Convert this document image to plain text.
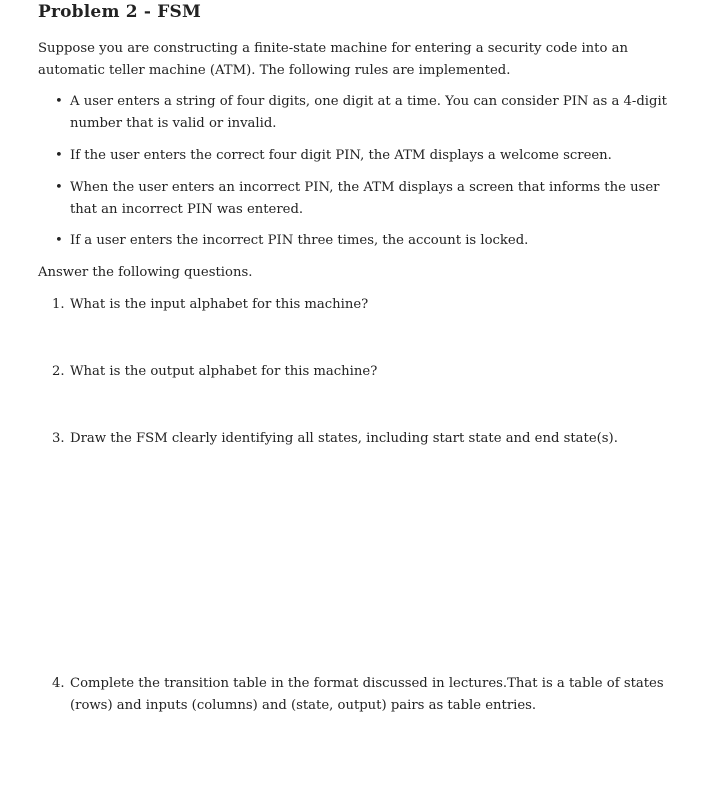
Problem 2 - FSM
Suppose you are constructing a finite-state machine for entering a security code into an automatic teller machine (ATM). The following rules are implemented.
• A user enters a string of four digits, one digit at a time. You can consider PIN as a 4-digit number that is valid or invalid.
• If the user enters the correct four digit PIN, the ATM displays a welcome screen.
• When the user enters an incorrect PIN, the ATM displays a screen that informs the user that an incorrect PIN was entered.
• If a user enters the incorrect PIN three times, the account is locked.
Answer the following questions.
1. What is the input alphabet for this machine?
2. What is the output alphabet for this machine?
3. Draw the FSM clearly identifying all states, including start state and end state(s).
4. Complete the transition table in the format discussed in lectures.That is a table of states (rows) and inputs (columns) and (state, output) pairs as table entries.
